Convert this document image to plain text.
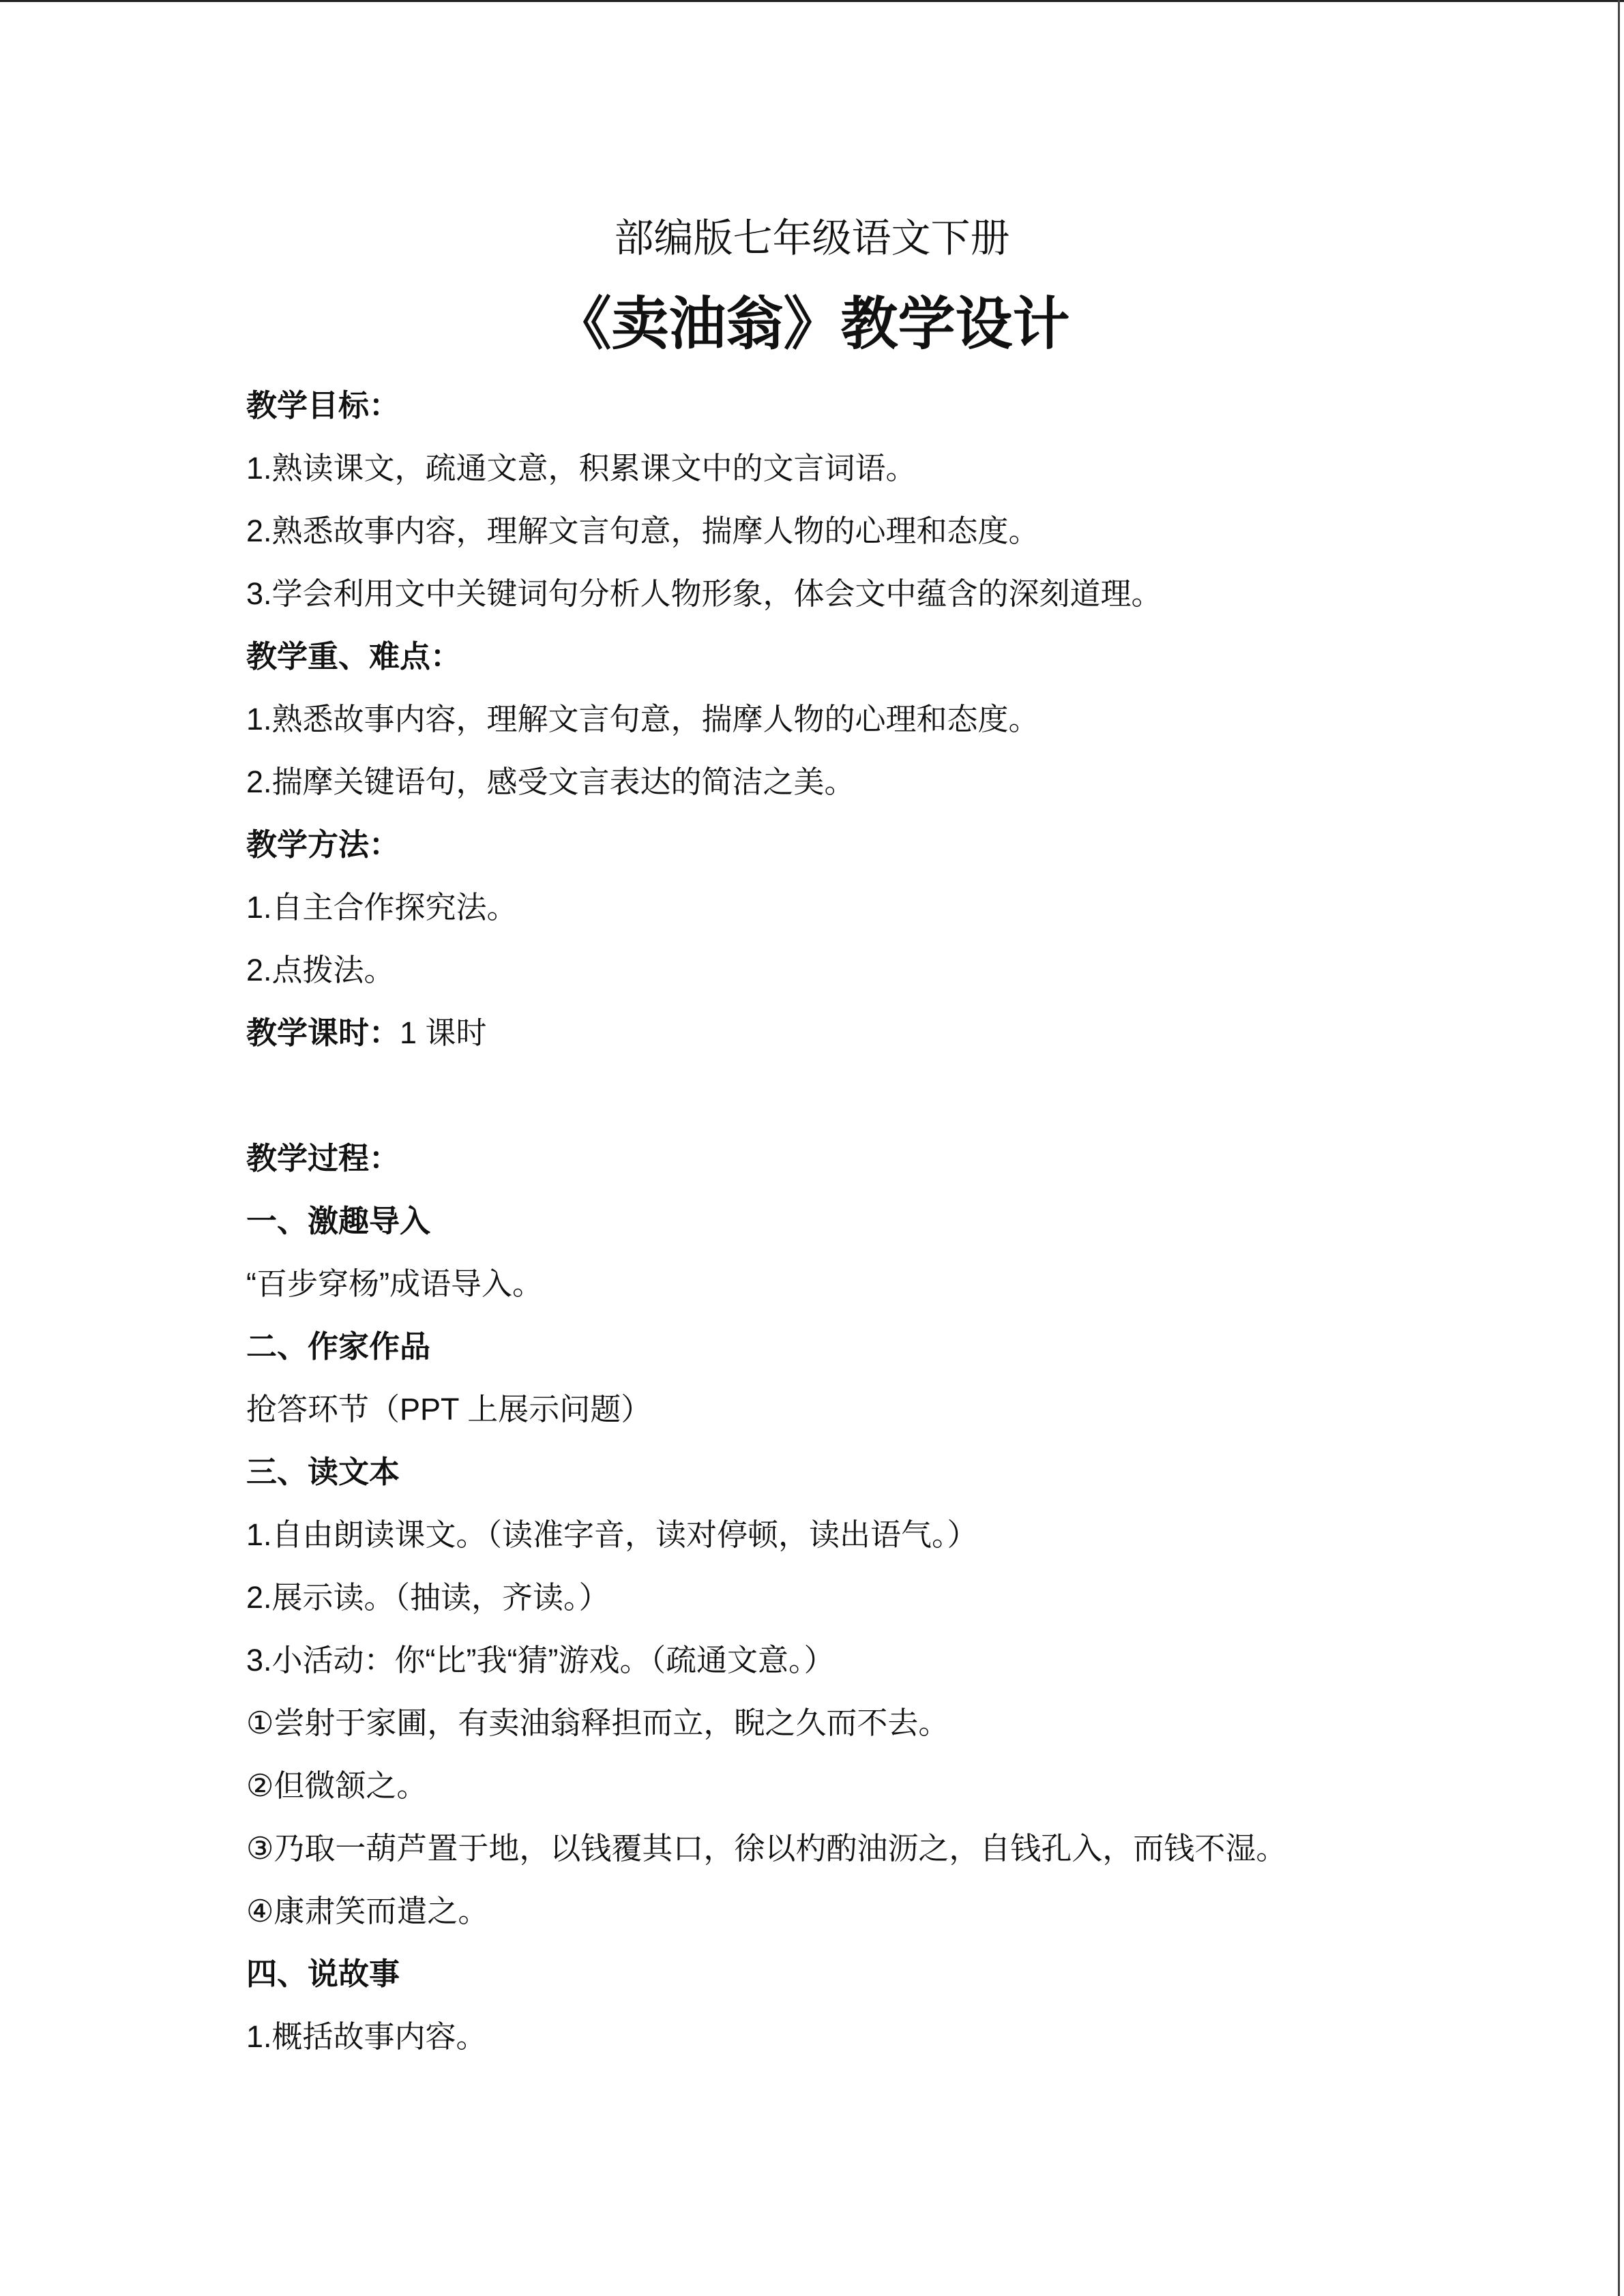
部编版七年级语文下册
《卖油翁》教学设计
教学目标：
1.熟读课文，疏通文意，积累课文中的文言词语。
2.熟悉故事内容，理解文言句意，揣摩人物的心理和态度。
3.学会利用文中关键词句分析人物形象，体会文中蕴含的深刻道理。
教学重、难点：
1.熟悉故事内容，理解文言句意，揣摩人物的心理和态度。
2.揣摩关键语句，感受文言表达的简洁之美。
教学方法：
1.自主合作探究法。
2.点拨法。
教学课时：1 课时
教学过程：
一、激趣导入
“百步穿杨”成语导入。
二、作家作品
抢答环节（PPT 上展示问题）
三、读文本
1.自由朗读课文。（读准字音，读对停顿，读出语气。）
2.展示读。（抽读，齐读。）
3.小活动：你“比”我“猜”游戏。（疏通文意。）
①尝射于家圃，有卖油翁释担而立，睨之久而不去。
②但微颔之。
③乃取一葫芦置于地，以钱覆其口，徐以杓酌油沥之，自钱孔入，而钱不湿。
④康肃笑而遣之。
四、说故事
1.概括故事内容。
